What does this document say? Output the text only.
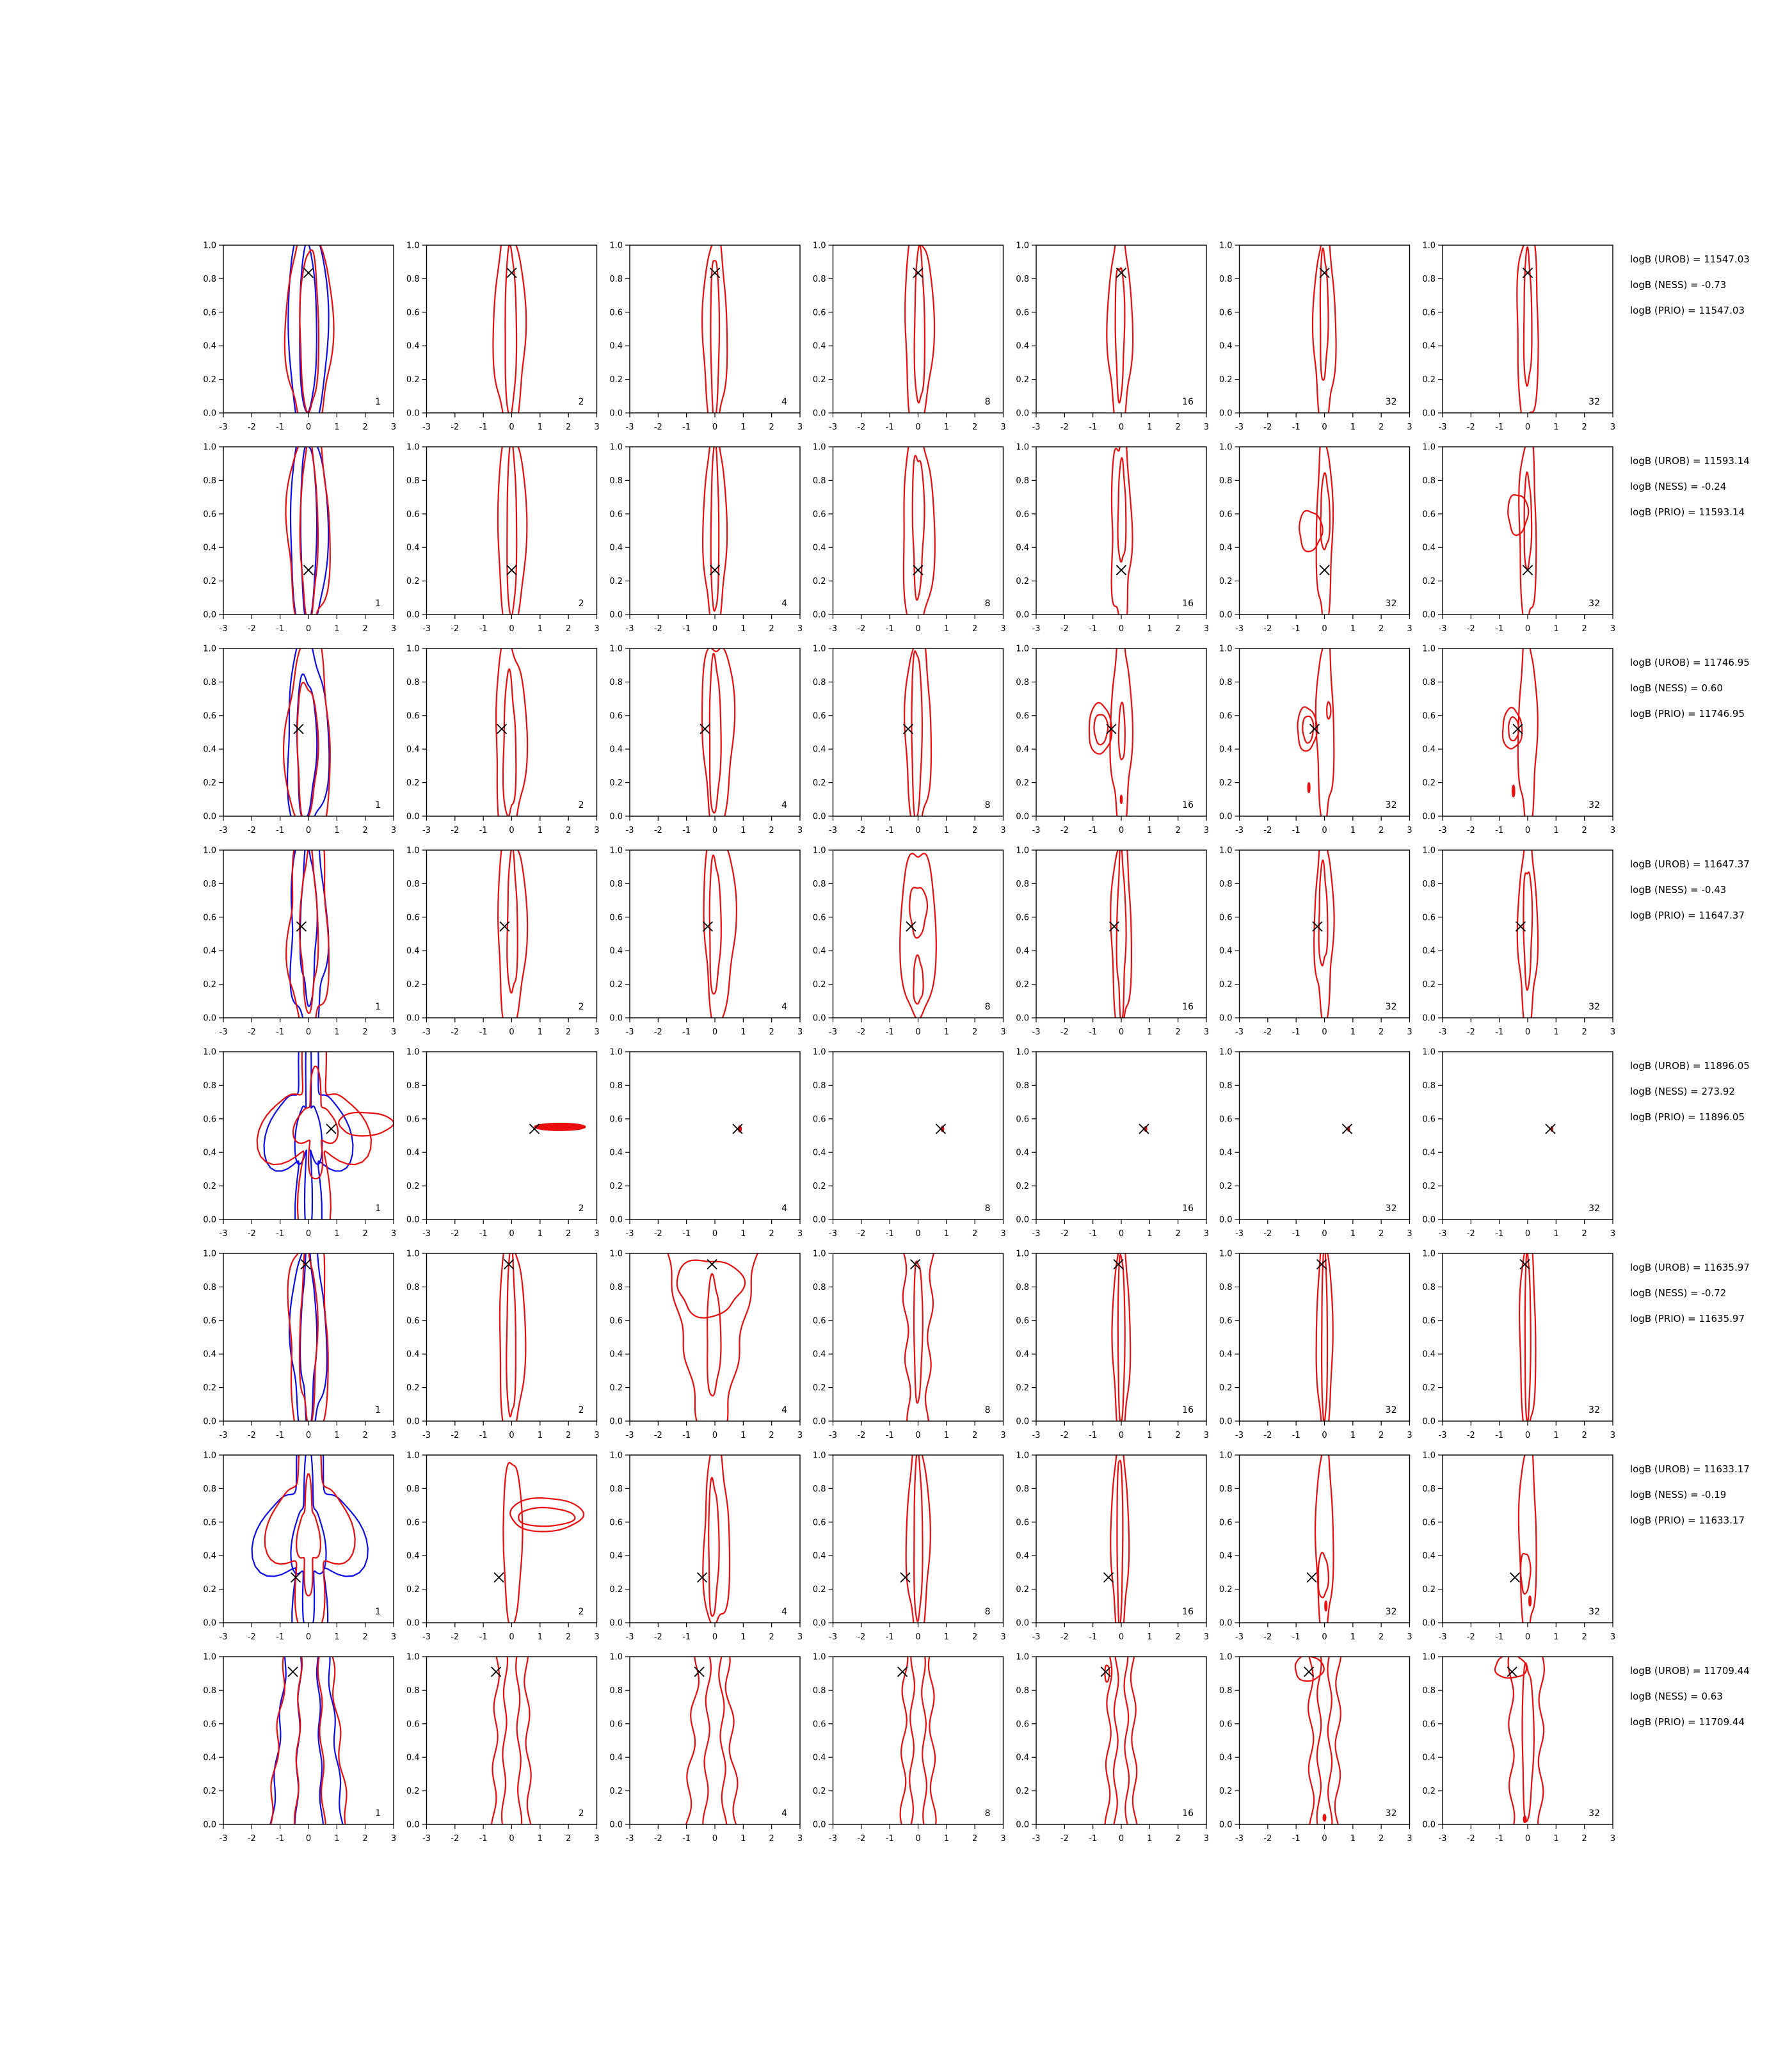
-3 -2 -1	0	1	2	3
0.0
0.2
0.4
0.6
0.8
1.0
1
-3 -2 -1	0	1	2	3
0.0
0.2
0.4
0.6
0.8
1.0
2
-3 -2 -1	0	1	2	3
0.0
0.2
0.4
0.6
0.8
1.0
4
-3 -2 -1	0	1	2	3
0.0
0.2
0.4
0.6
0.8
1.0
8
-3 -2 -1	0	1	2	3
0.0
0.2
0.4
0.6
0.8
1.0
16
-3 -2 -1	0	1	2	3
0.0
0.2
0.4
0.6
0.8
1.0
32
-3 -2 -1	0	1	2	3
0.0
0.2
0.4
0.6
0.8
1.0
32
-3 -2 -1	0	1	2	3
0.0
0.2
0.4
0.6
0.8
1.0
1
-3 -2 -1	0	1	2	3
0.0
0.2
0.4
0.6
0.8
1.0
2
-3 -2 -1	0	1	2	3
0.0
0.2
0.4
0.6
0.8
1.0
4
-3 -2 -1	0	1	2	3
0.0
0.2
0.4
0.6
0.8
1.0
8
-3 -2 -1	0	1	2	3
0.0
0.2
0.4
0.6
0.8
1.0
16
-3 -2 -1	0	1	2	3
0.0
0.2
0.4
0.6
0.8
1.0
32
-3 -2 -1	0	1	2	3
0.0
0.2
0.4
0.6
0.8
1.0
32
-3 -2 -1	0	1	2	3
0.0
0.2
0.4
0.6
0.8
1.0
1
-3 -2 -1	0	1	2	3
0.0
0.2
0.4
0.6
0.8
1.0
2
-3 -2 -1	0	1	2	3
0.0
0.2
0.4
0.6
0.8
1.0
4
-3 -2 -1	0	1	2	3
0.0
0.2
0.4
0.6
0.8
1.0
8
-3 -2 -1	0	1	2	3
0.0
0.2
0.4
0.6
0.8
1.0
16
-3 -2 -1	0	1	2	3
0.0
0.2
0.4
0.6
0.8
1.0
32
-3 -2 -1	0	1	2	3
0.0
0.2
0.4
0.6
0.8
1.0
32
-3 -2 -1	0	1	2	3
0.0
0.2
0.4
0.6
0.8
1.0
1
-3 -2 -1	0	1	2	3
0.0
0.2
0.4
0.6
0.8
1.0
2
-3 -2 -1	0	1	2	3
0.0
0.2
0.4
0.6
0.8
1.0
4
-3 -2 -1	0	1	2	3
0.0
0.2
0.4
0.6
0.8
1.0
8
-3 -2 -1	0	1	2	3
0.0
0.2
0.4
0.6
0.8
1.0
16
-3 -2 -1	0	1	2	3
0.0
0.2
0.4
0.6
0.8
1.0
32
-3 -2 -1	0	1	2	3
0.0
0.2
0.4
0.6
0.8
1.0
32
-3 -2 -1	0	1	2	3
0.0
0.2
0.4
0.6
0.8
1.0
1
-3 -2 -1	0	1	2	3
0.0
0.2
0.4
0.6
0.8
1.0
2
-3 -2 -1	0	1	2	3
0.0
0.2
0.4
0.6
0.8
1.0
4
-3 -2 -1	0	1	2	3
0.0
0.2
0.4
0.6
0.8
1.0
8
-3 -2 -1	0	1	2	3
0.0
0.2
0.4
0.6
0.8
1.0
16
-3 -2 -1	0	1	2	3
0.0
0.2
0.4
0.6
0.8
1.0
32
-3 -2 -1	0	1	2	3
0.0
0.2
0.4
0.6
0.8
1.0
32
-3 -2 -1	0	1	2	3
0.0
0.2
0.4
0.6
0.8
1.0
1
-3 -2 -1	0	1	2	3
0.0
0.2
0.4
0.6
0.8
1.0
2
-3 -2 -1	0	1	2	3
0.0
0.2
0.4
0.6
0.8
1.0
4
-3 -2 -1	0	1	2	3
0.0
0.2
0.4
0.6
0.8
1.0
8
-3 -2 -1	0	1	2	3
0.0
0.2
0.4
0.6
0.8
1.0
16
-3 -2 -1	0	1	2	3
0.0
0.2
0.4
0.6
0.8
1.0
32
-3 -2 -1	0	1	2	3
0.0
0.2
0.4
0.6
0.8
1.0
32
-3 -2 -1	0	1	2	3
0.0
0.2
0.4
0.6
0.8
1.0
1
-3 -2 -1	0	1	2	3
0.0
0.2
0.4
0.6
0.8
1.0
2
-3 -2 -1	0	1	2	3
0.0
0.2
0.4
0.6
0.8
1.0
4
-3 -2 -1	0	1	2	3
0.0
0.2
0.4
0.6
0.8
1.0
8
-3 -2 -1	0	1	2	3
0.0
0.2
0.4
0.6
0.8
1.0
16
-3 -2 -1	0	1	2	3
0.0
0.2
0.4
0.6
0.8
1.0
32
-3 -2 -1	0	1	2	3
0.0
0.2
0.4
0.6
0.8
1.0
32
-3 -2 -1	0	1	2	3
0.0
0.2
0.4
0.6
0.8
1.0
1
-3 -2 -1	0	1	2	3
0.0
0.2
0.4
0.6
0.8
1.0
2
-3 -2 -1	0	1	2	3
0.0
0.2
0.4
0.6
0.8
1.0
4
-3 -2 -1	0	1	2	3
0.0
0.2
0.4
0.6
0.8
1.0
8
-3 -2 -1	0	1	2	3
0.0
0.2
0.4
0.6
0.8
1.0
16
-3 -2 -1	0	1	2	3
0.0
0.2
0.4
0.6
0.8
1.0
32
-3 -2 -1	0	1	2	3
0.0
0.2
0.4
0.6
0.8
1.0
32

logB (UROB) = 11547.03

logB (NESS) = -0.73

logB (PRIO) = 11547.03

logB (UROB) = 11593.14

logB (NESS) = -0.24

logB (PRIO) = 11593.14

logB (UROB) = 11746.95

logB (NESS) = 0.60

logB (PRIO) = 11746.95

logB (UROB) = 11647.37

logB (NESS) = -0.43

logB (PRIO) = 11647.37

logB (UROB) = 11896.05

logB (NESS) = 273.92

logB (PRIO) = 11896.05

logB (UROB) = 11635.97

logB (NESS) = -0.72

logB (PRIO) = 11635.97

logB (UROB) = 11633.17

logB (NESS) = -0.19

logB (PRIO) = 11633.17

logB (UROB) = 11709.44

logB (NESS) = 0.63

logB (PRIO) = 11709.44
